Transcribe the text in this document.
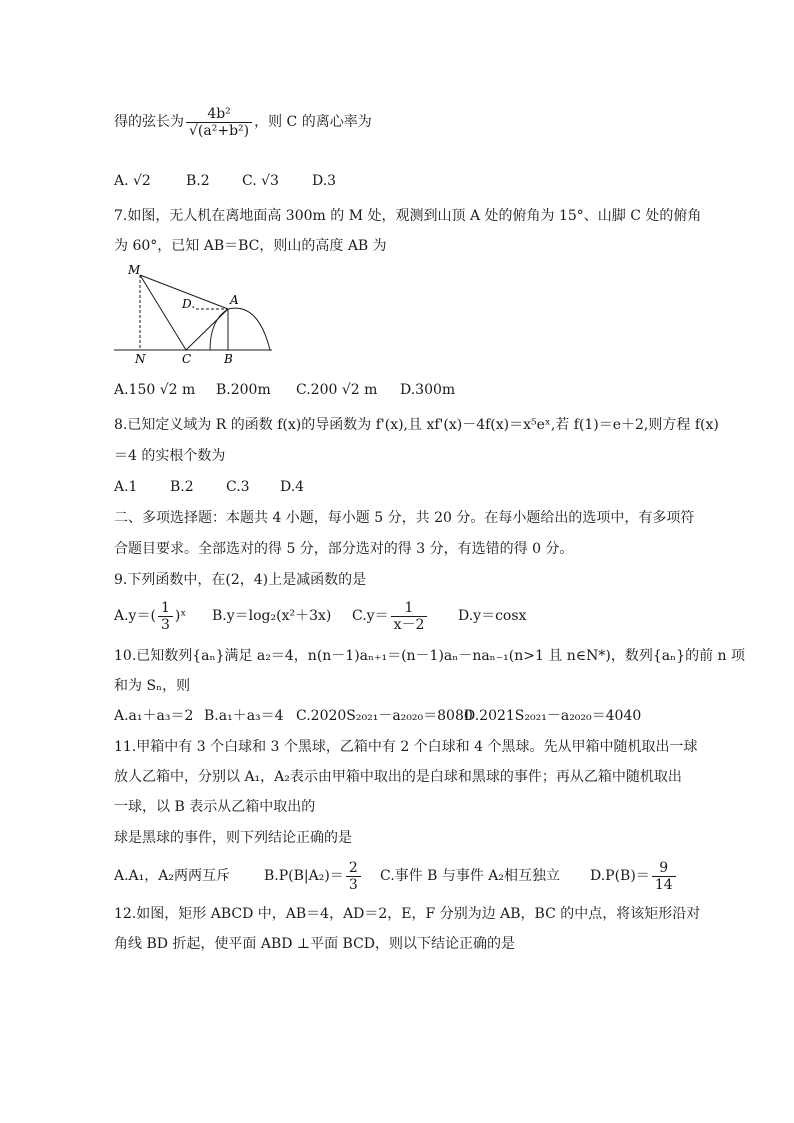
得的弦长为 $\frac{\text{4b²}}{\text{√(a²+b²)}}$ ，则 C 的离心率为
A. √2	B.2 C. √3 D.3
7.如图，无人机在离地面高 300m 的 M 处，观测到山顶 A 处的俯角为 15°、山脚 C 处的俯角
为 60°，已知 AB＝BC，则山的高度 AB 为
M
D.	A
N	C	B
A.150 √2 m B.200m C.200 √2 m D.300m
8.已知定义域为 R 的函数 f(x)的导函数为 f'(x),且 xf'(x)－4f(x)＝x⁵eˣ,若 f(1)＝e＋2,则方程 f(x)
＝4 的实根个数为
A.1 B.2 C.3 D.4
二、多项选择题：本题共 4 小题，每小题 5 分，共 20 分。在每小题给出的选项中，有多项符
合题目要求。全部选对的得 5 分，部分选对的得 3 分，有选错的得 0 分。
9.下列函数中，在(2，4)上是减函数的是
$A.y=( \frac{1}{3}$ )ˣ B.y＝log₂(x²＋3x) $C.y= \frac{1}{x-2} D.y=\cos x$
10.已知数列{aₙ}满足 a₂＝4，n(n－1)aₙ₊₁＝(n－1)aₙ－naₙ₋₁(n>1 且 n∈N*)，数列{aₙ}的前 n 项
和为 Sₙ，则
A.a₁＋a₃＝2 B.a₁＋a₃＝4 C.2020S₂₀₂₁－a₂₀₂₀＝8080D.2021S₂₀₂₁－a₂₀₂₀＝4040
11.甲箱中有 3 个白球和 3 个黑球，乙箱中有 2 个白球和 4 个黑球。先从甲箱中随机取出一球
放人乙箱中，分别以 A₁，A₂表示由甲箱中取出的是白球和黑球的事件；再从乙箱中随机取出
一球，以 B 表示从乙箱中取出的
球是黑球的事件，则下列结论正确的是
A.A₁，A₂两两互斥 $B.P(B|A_2)= \frac{2}{3} C$.事件 B 与事件 A₂相互独立 $D.P(B)= \frac{9}{14}$
12.如图，矩形 ABCD 中，AB＝4，AD＝2，E，F 分别为边 AB，BC 的中点，将该矩形沿对
角线 BD 折起，使平面 ABD ⊥平面 BCD，则以下结论正确的是
